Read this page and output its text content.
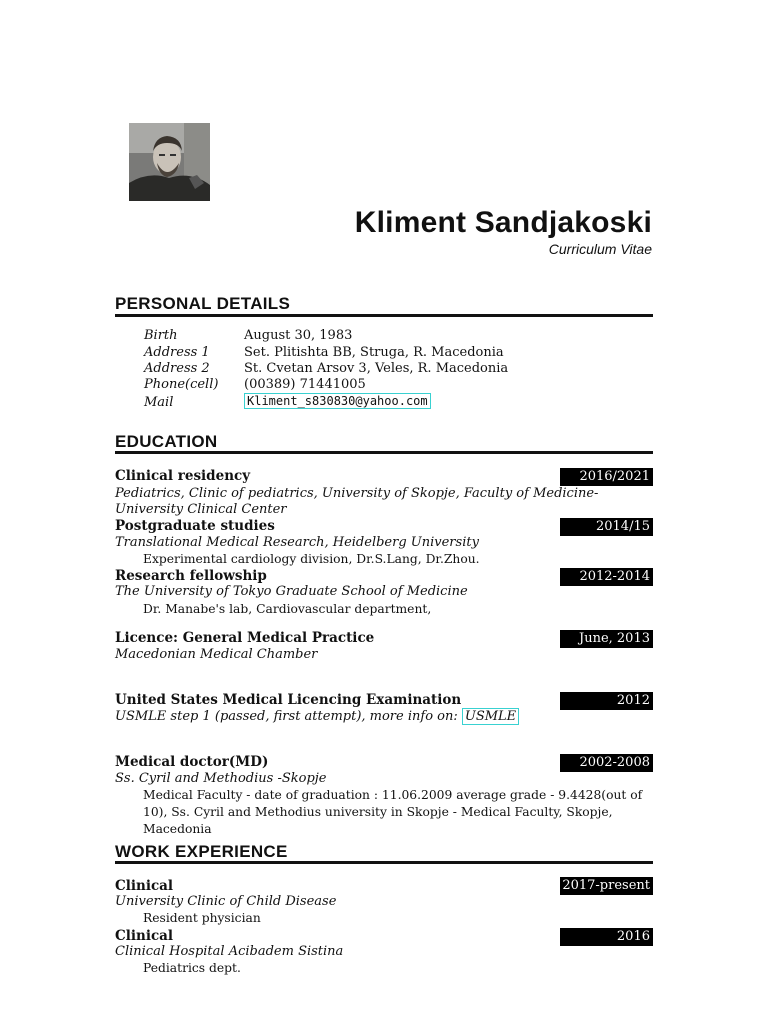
Kliment Sandjakoski
Curriculum Vitae
PERSONAL DETAILS
Birth	August 30, 1983
Address 1	Set. Plitishta BB, Struga, R. Macedonia
Address 2	St. Cvetan Arsov 3, Veles, R. Macedonia
Phone(cell) (00389) 71441005
Mail	Kliment_s830830@yahoo.com
EDUCATION
Clinical residency	2016/2021
Pediatrics, Clinic of pediatrics, University of Skopje, Faculty of Medicine-University Clinical Center
Postgraduate studies	2014/15
Translational Medical Research, Heidelberg University
Experimental cardiology division, Dr.S.Lang, Dr.Zhou.
Research fellowship	2012-2014
The University of Tokyo Graduate School of Medicine
Dr. Manabe's lab, Cardiovascular department,
Licence: General Medical Practice	June, 2013
Macedonian Medical Chamber
United States Medical Licencing Examination	2012
USMLE step 1 (passed, first attempt), more info on: USMLE
Medical doctor(MD)	2002-2008
Ss. Cyril and Methodius -Skopje
Medical Faculty - date of graduation : 11.06.2009 average grade - 9.4428(out of 10), Ss. Cyril and Methodius university in Skopje - Medical Faculty, Skopje, Macedonia
WORK EXPERIENCE
Clinical	2017-present
University Clinic of Child Disease
Resident physician
Clinical	2016
Clinical Hospital Acibadem Sistina
Pediatrics dept.
